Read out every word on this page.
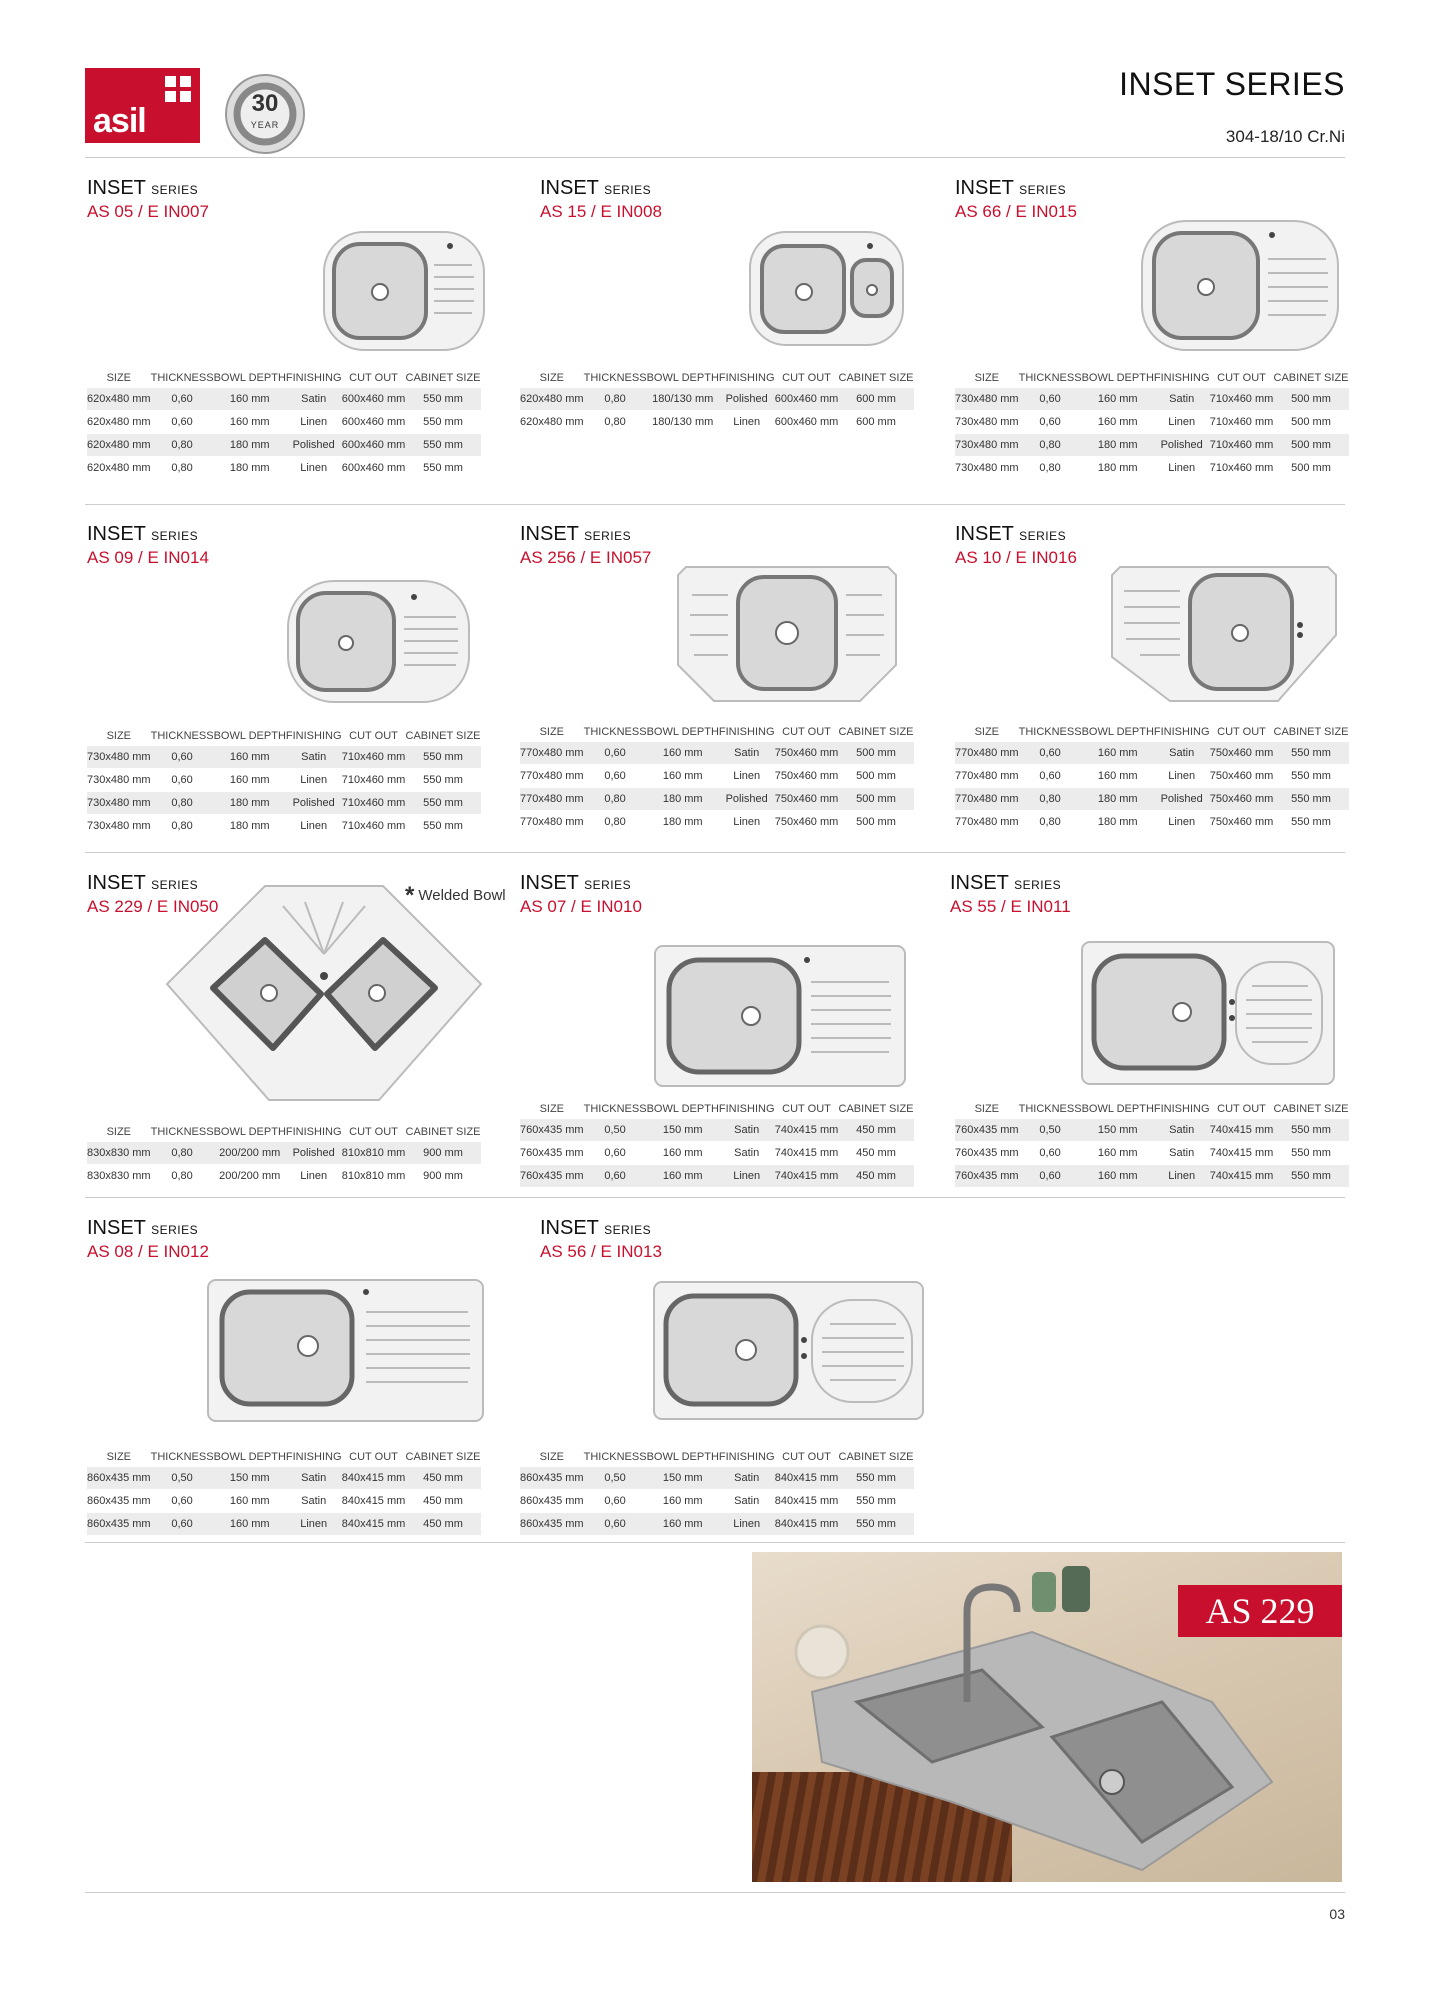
asil	30
YEAR
INSET SERIES
304-18/10 Cr.Ni
INSET SERIES
AS 05 / E IN007
SIZE	THICKNESS	BOWL DEPTH	FINISHING	CUT OUT	CABINET SIZE
620x480 mm	0,60	160 mm	Satin	600x460 mm	550 mm
620x480 mm	0,60	160 mm	Linen	600x460 mm	550 mm
620x480 mm	0,80	180 mm	Polished	600x460 mm	550 mm
620x480 mm	0,80	180 mm	Linen	600x460 mm	550 mm
INSET SERIES
AS 15 / E IN008
SIZE	THICKNESS	BOWL DEPTH	FINISHING	CUT OUT	CABINET SIZE
620x480 mm	0,80	180/130 mm	Polished	600x460 mm	600 mm
620x480 mm	0,80	180/130 mm	Linen	600x460 mm	600 mm
INSET SERIES
AS 66 / E IN015
SIZE	THICKNESS	BOWL DEPTH	FINISHING	CUT OUT	CABINET SIZE
730x480 mm	0,60	160 mm	Satin	710x460 mm	500 mm
730x480 mm	0,60	160 mm	Linen	710x460 mm	500 mm
730x480 mm	0,80	180 mm	Polished	710x460 mm	500 mm
730x480 mm	0,80	180 mm	Linen	710x460 mm	500 mm
INSET SERIES
AS 09 / E IN014
SIZE	THICKNESS	BOWL DEPTH	FINISHING	CUT OUT	CABINET SIZE
730x480 mm	0,60	160 mm	Satin	710x460 mm	550 mm
730x480 mm	0,60	160 mm	Linen	710x460 mm	550 mm
730x480 mm	0,80	180 mm	Polished	710x460 mm	550 mm
730x480 mm	0,80	180 mm	Linen	710x460 mm	550 mm
INSET SERIES
AS 256 / E IN057
SIZE	THICKNESS	BOWL DEPTH	FINISHING	CUT OUT	CABINET SIZE
770x480 mm	0,60	160 mm	Satin	750x460 mm	500 mm
770x480 mm	0,60	160 mm	Linen	750x460 mm	500 mm
770x480 mm	0,80	180 mm	Polished	750x460 mm	500 mm
770x480 mm	0,80	180 mm	Linen	750x460 mm	500 mm
INSET SERIES
AS 10 / E IN016
SIZE	THICKNESS	BOWL DEPTH	FINISHING	CUT OUT	CABINET SIZE
770x480 mm	0,60	160 mm	Satin	750x460 mm	550 mm
770x480 mm	0,60	160 mm	Linen	750x460 mm	550 mm
770x480 mm	0,80	180 mm	Polished	750x460 mm	550 mm
770x480 mm	0,80	180 mm	Linen	750x460 mm	550 mm
INSET SERIES
AS 229 / E IN050	* Welded Bowl
SIZE	THICKNESS	BOWL DEPTH	FINISHING	CUT OUT	CABINET SIZE
830x830 mm	0,80	200/200 mm	Polished	810x810 mm	900 mm
830x830 mm	0,80	200/200 mm	Linen	810x810 mm	900 mm
INSET SERIES
AS 07 / E IN010
SIZE	THICKNESS	BOWL DEPTH	FINISHING	CUT OUT	CABINET SIZE
760x435 mm	0,50	150 mm	Satin	740x415 mm	450 mm
760x435 mm	0,60	160 mm	Satin	740x415 mm	450 mm
760x435 mm	0,60	160 mm	Linen	740x415 mm	450 mm
INSET SERIES
AS 55 / E IN011
SIZE	THICKNESS	BOWL DEPTH	FINISHING	CUT OUT	CABINET SIZE
760x435 mm	0,50	150 mm	Satin	740x415 mm	550 mm
760x435 mm	0,60	160 mm	Satin	740x415 mm	550 mm
760x435 mm	0,60	160 mm	Linen	740x415 mm	550 mm
INSET SERIES
AS 08 / E IN012
SIZE	THICKNESS	BOWL DEPTH	FINISHING	CUT OUT	CABINET SIZE
860x435 mm	0,50	150 mm	Satin	840x415 mm	450 mm
860x435 mm	0,60	160 mm	Satin	840x415 mm	450 mm
860x435 mm	0,60	160 mm	Linen	840x415 mm	450 mm
INSET SERIES
AS 56 / E IN013
SIZE	THICKNESS	BOWL DEPTH	FINISHING	CUT OUT	CABINET SIZE
860x435 mm	0,50	150 mm	Satin	840x415 mm	550 mm
860x435 mm	0,60	160 mm	Satin	840x415 mm	550 mm
860x435 mm	0,60	160 mm	Linen	840x415 mm	550 mm
AS 229
03
